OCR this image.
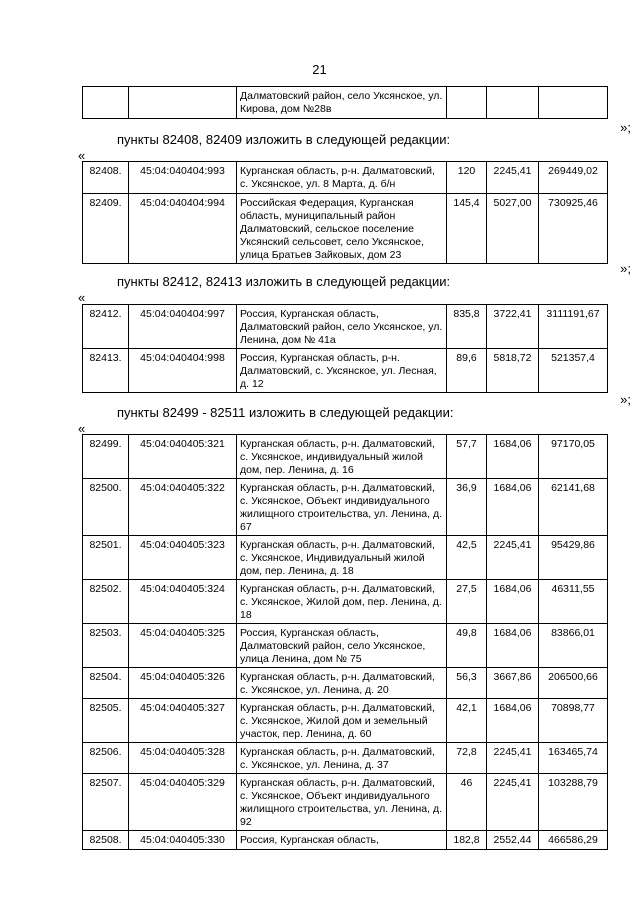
21
		Далматовский район, село Уксянское, ул. Кирова, дом №28в			
»;
пункты 82408, 82409 изложить в следующей редакции:
«
82408.	45:04:040404:993	Курганская область, р-н. Далматовский, с. Уксянское, ул. 8 Марта, д. б/н	120	2245,41	269449,02
82409.	45:04:040404:994	Российская Федерация, Курганская область, муниципальный район Далматовский, сельское поселение Уксянский сельсовет, село Уксянское, улица Братьев Зайковых, дом 23	145,4	5027,00	730925,46
»;
пункты 82412, 82413 изложить в следующей редакции:
«
82412.	45:04:040404:997	Россия, Курганская область, Далматовский район, село Уксянское, ул. Ленина, дом № 41а	835,8	3722,41	3111191,67
82413.	45:04:040404:998	Россия, Курганская область, р-н. Далматовский, с. Уксянское, ул. Лесная, д. 12	89,6	5818,72	521357,4
»;
пункты 82499 - 82511 изложить в следующей редакции:
«
82499.	45:04:040405:321	Курганская область, р-н. Далматовский, с. Уксянское, индивидуальный жилой дом, пер. Ленина, д. 16	57,7	1684,06	97170,05
82500.	45:04:040405:322	Курганская область, р-н. Далматовский, с. Уксянское, Объект индивидуального жилищного строительства, ул. Ленина, д. 67	36,9	1684,06	62141,68
82501.	45:04:040405:323	Курганская область, р-н. Далматовский, с. Уксянское, Индивидуальный жилой дом, пер. Ленина, д. 18	42,5	2245,41	95429,86
82502.	45:04:040405:324	Курганская область, р-н. Далматовский, с. Уксянское, Жилой дом, пер. Ленина, д. 18	27,5	1684,06	46311,55
82503.	45:04:040405:325	Россия, Курганская область, Далматовский район, село Уксянское, улица Ленина, дом № 75	49,8	1684,06	83866,01
82504.	45:04:040405:326	Курганская область, р-н. Далматовский, с. Уксянское, ул. Ленина, д. 20	56,3	3667,86	206500,66
82505.	45:04:040405:327	Курганская область, р-н. Далматовский, с. Уксянское, Жилой дом и земельный участок, пер. Ленина, д. 60	42,1	1684,06	70898,77
82506.	45:04:040405:328	Курганская область, р-н. Далматовский, с. Уксянское, ул. Ленина, д. 37	72,8	2245,41	163465,74
82507.	45:04:040405:329	Курганская область, р-н. Далматовский, с. Уксянское, Объект индивидуального жилищного строительства, ул. Ленина, д. 92	46	2245,41	103288,79
82508.	45:04:040405:330	Россия, Курганская область,	182,8	2552,44	466586,29
